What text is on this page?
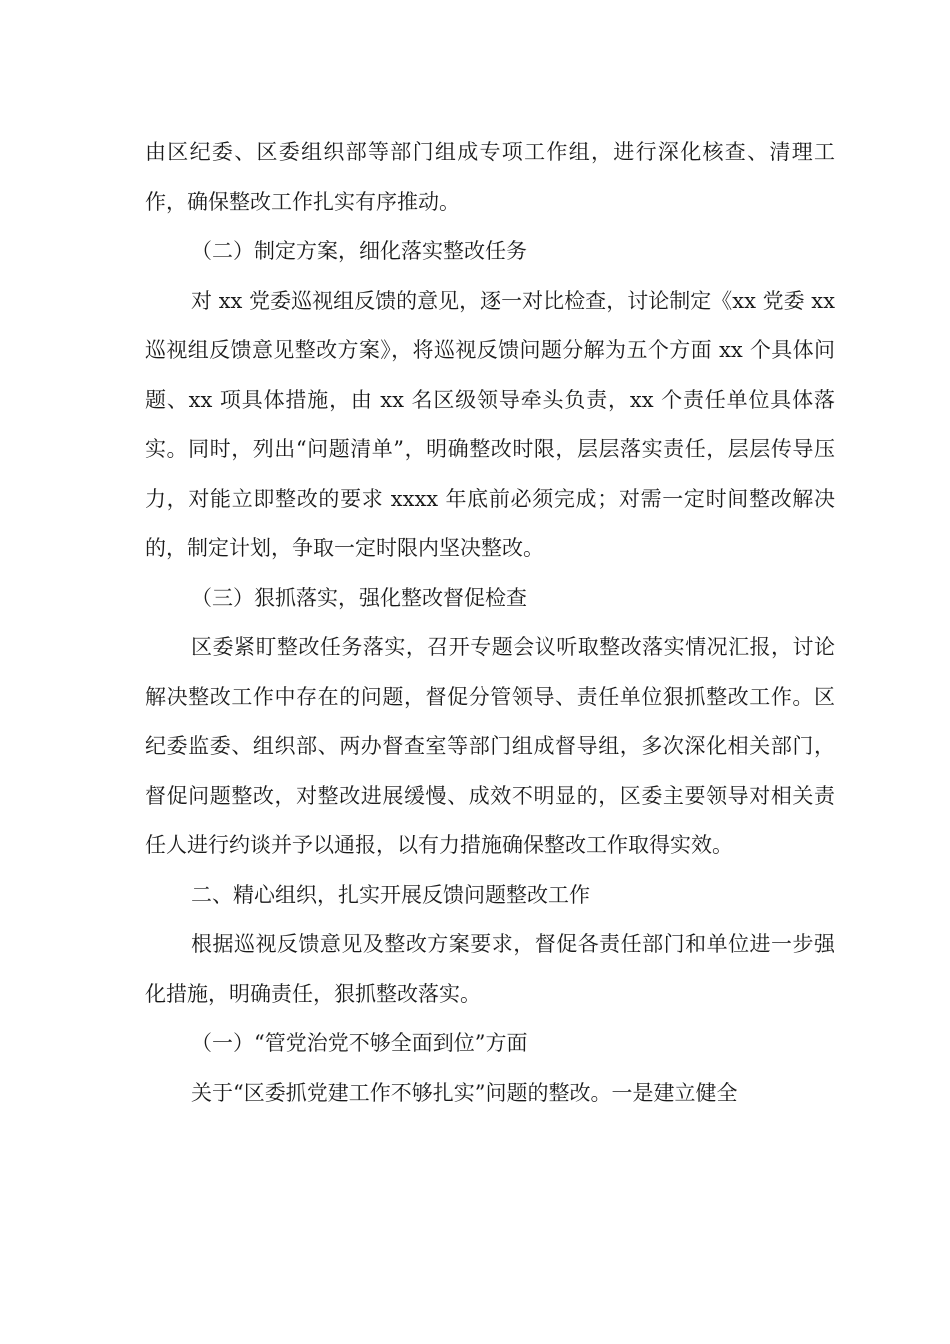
由区纪委、区委组织部等部门组成专项工作组，进行深化核查、清理工作，确保整改工作扎实有序推动。

（二）制定方案，细化落实整改任务

对 xx 党委巡视组反馈的意见，逐一对比检查，讨论制定《xx 党委 xx 巡视组反馈意见整改方案》，将巡视反馈问题分解为五个方面 xx 个具体问题、xx 项具体措施，由 xx 名区级领导牵头负责，xx 个责任单位具体落实。同时，列出“问题清单”，明确整改时限，层层落实责任，层层传导压力，对能立即整改的要求 xxxx 年底前必须完成；对需一定时间整改解决的，制定计划，争取一定时限内坚决整改。

（三）狠抓落实，强化整改督促检查

区委紧盯整改任务落实，召开专题会议听取整改落实情况汇报，讨论解决整改工作中存在的问题，督促分管领导、责任单位狠抓整改工作。区纪委监委、组织部、两办督查室等部门组成督导组，多次深化相关部门，督促问题整改，对整改进展缓慢、成效不明显的，区委主要领导对相关责任人进行约谈并予以通报，以有力措施确保整改工作取得实效。

二、精心组织，扎实开展反馈问题整改工作

根据巡视反馈意见及整改方案要求，督促各责任部门和单位进一步强化措施，明确责任，狠抓整改落实。

（一）“管党治党不够全面到位”方面

关于“区委抓党建工作不够扎实”问题的整改。一是建立健全
